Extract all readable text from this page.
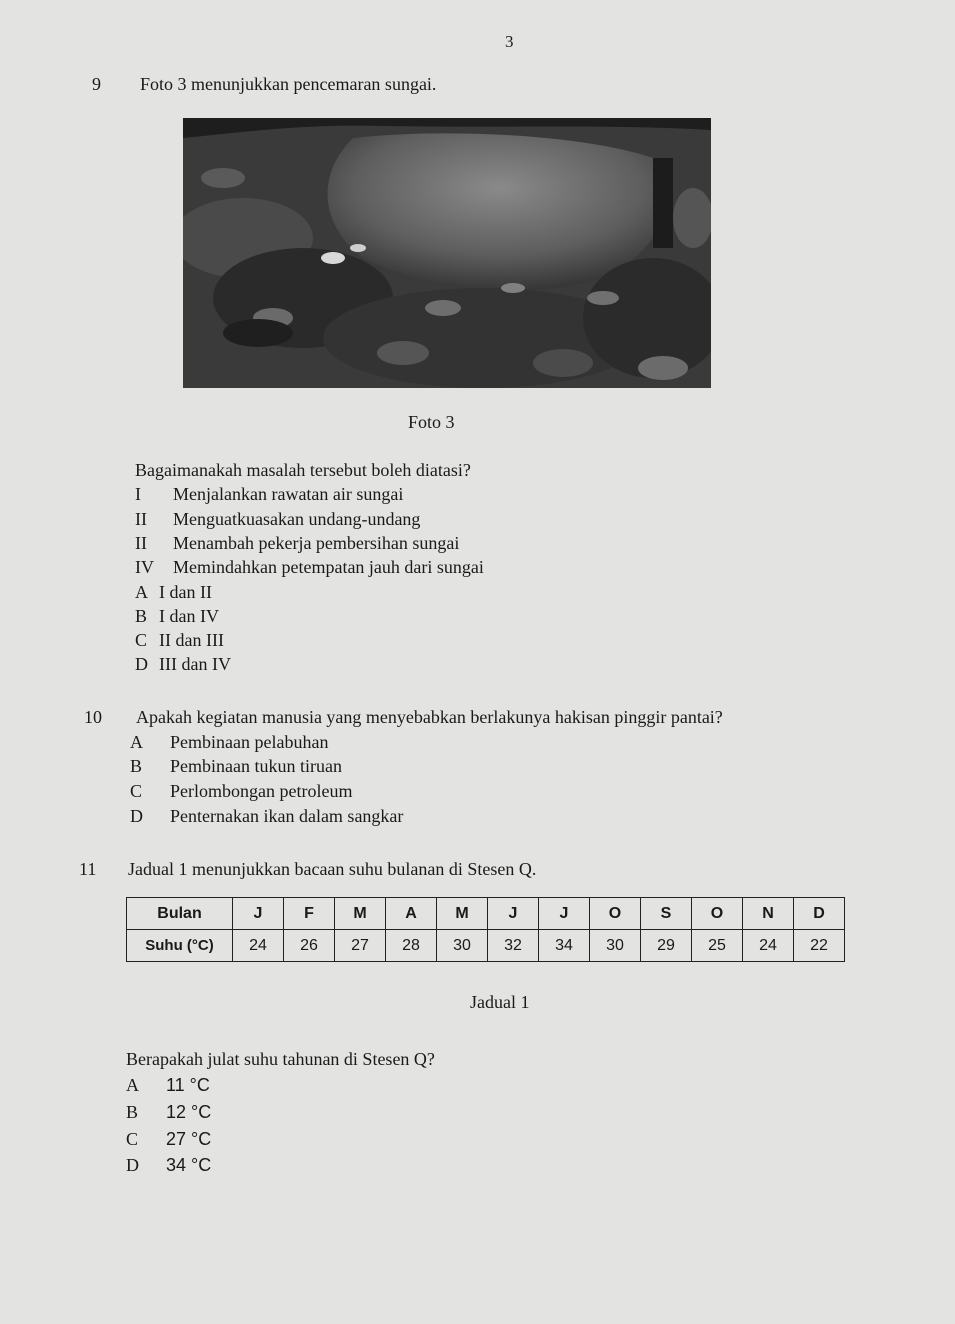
3
9 Foto 3 menunjukkan pencemaran sungai.
Foto 3
Bagaimanakah masalah tersebut boleh diatasi?
I Menjalankan rawatan air sungai
II Menguatkuasakan undang-undang
II Menambah pekerja pembersihan sungai
IV Memindahkan petempatan jauh dari sungai
A I dan II
B I dan IV
C II dan III
D III dan IV
10 Apakah kegiatan manusia yang menyebabkan berlakunya hakisan pinggir pantai?
A Pembinaan pelabuhan
B Pembinaan tukun tiruan
C Perlombongan petroleum
D Penternakan ikan dalam sangkar
11 Jadual 1 menunjukkan bacaan suhu bulanan di Stesen Q.
Bulan	J	F	M	A	M	J	J	O	S	O	N	D
Suhu (°C)	24	26	27	28	30	32	34	30	29	25	24	22
Jadual 1
Berapakah julat suhu tahunan di Stesen Q?
A 11 °C
B 12 °C
C 27 °C
D 34 °C
